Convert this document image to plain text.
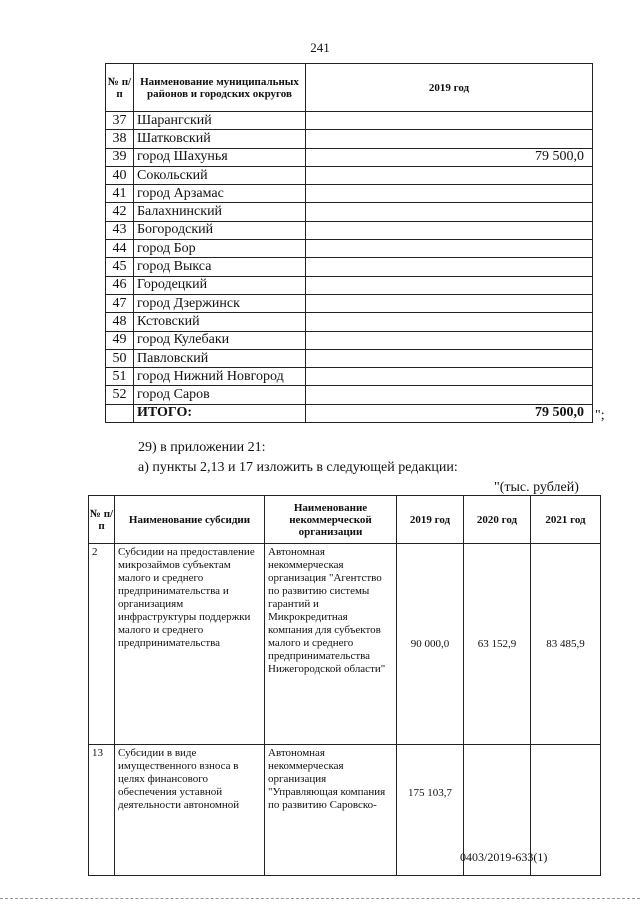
241
№ п/п	Наименование муниципальных районов и городских округов	2019 год
37	Шарангский	
38	Шатковский	
39	город Шахунья	79 500,0
40	Сокольский	
41	город Арзамас	
42	Балахнинский	
43	Богородский	
44	город Бор	
45	город Выкса	
46	Городецкий	
47	город Дзержинск	
48	Кстовский	
49	город Кулебаки	
50	Павловский	
51	город Нижний Новгород	
52	город Саров	
	ИТОГО:	79 500,0 ";
29) в приложении 21:
а) пункты 2,13 и 17 изложить в следующей редакции:
"(тыс. рублей)
№ п/п	Наименование субсидии	Наименование некоммерческой организации	2019 год	2020 год	2021 год
2	Субсидии на предоставление микрозаймов субъектам малого и среднего предпринимательства и организациям инфраструктуры поддержки малого и среднего предпринимательства	Автономная некоммерческая организация "Агентство по развитию системы гарантий и Микрокредитная компания для субъектов малого и среднего предпринимательства Нижегородской области"	90 000,0	63 152,9	83 485,9
13	Субсидии в виде имущественного взноса в целях финансового обеспечения уставной деятельности автономной	Автономная некоммерческая организация "Управляющая компания по развитию Саровско-	175 103,7		
0403/2019-633(1)
